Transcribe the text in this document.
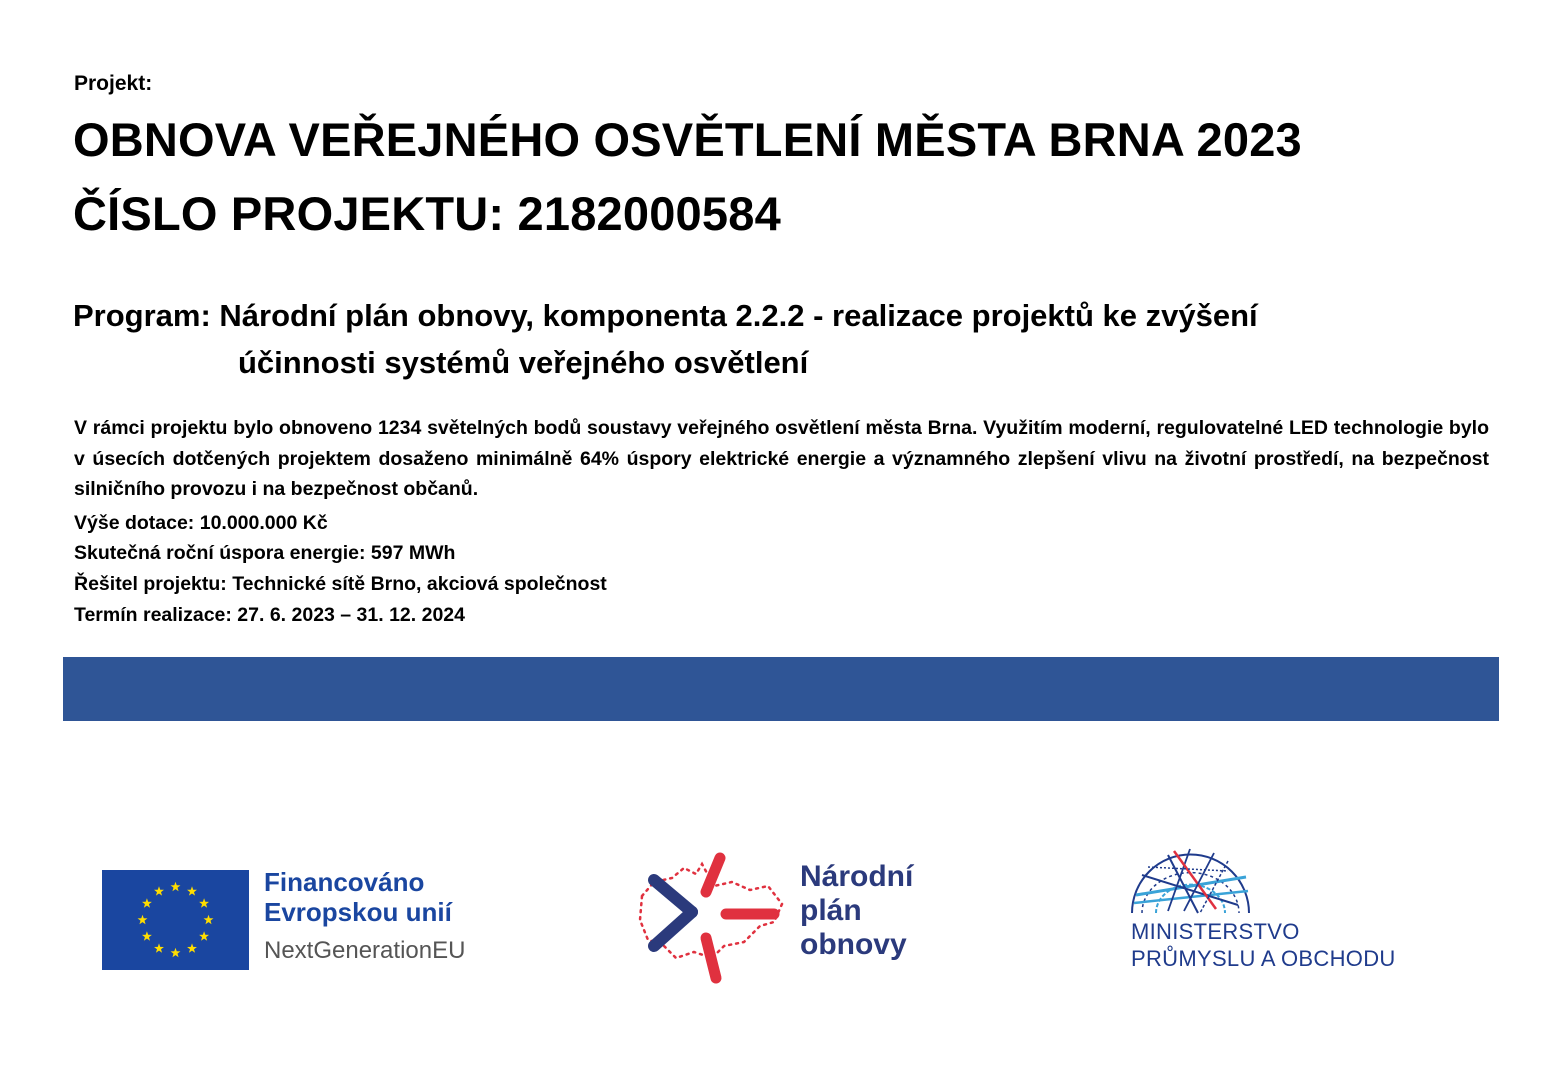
Projekt:
OBNOVA VEŘEJNÉHO OSVĚTLENÍ MĚSTA BRNA 2023
ČÍSLO PROJEKTU: 2182000584
Program: Národní plán obnovy, komponenta 2.2.2 - realizace projektů ke zvýšení
účinnosti systémů veřejného osvětlení
V rámci projektu bylo obnoveno 1234 světelných bodů soustavy veřejného osvětlení města Brna. Využitím moderní, regulovatelné LED technologie bylo v úsecích dotčených projektem dosaženo minimálně 64% úspory elektrické energie a významného zlepšení vlivu na životní prostředí, na bezpečnost silničního provozu i na bezpečnost občanů.
Výše dotace: 10.000.000 Kč
Skutečná roční úspora energie: 597 MWh
Řešitel projektu: Technické sítě Brno, akciová společnost
Termín realizace: 27. 6. 2023 – 31. 12. 2024
Financováno
Evropskou unií
NextGenerationEU
Národní
plán
obnovy	MINISTERSTVO
PRŮMYSLU A OBCHODU
